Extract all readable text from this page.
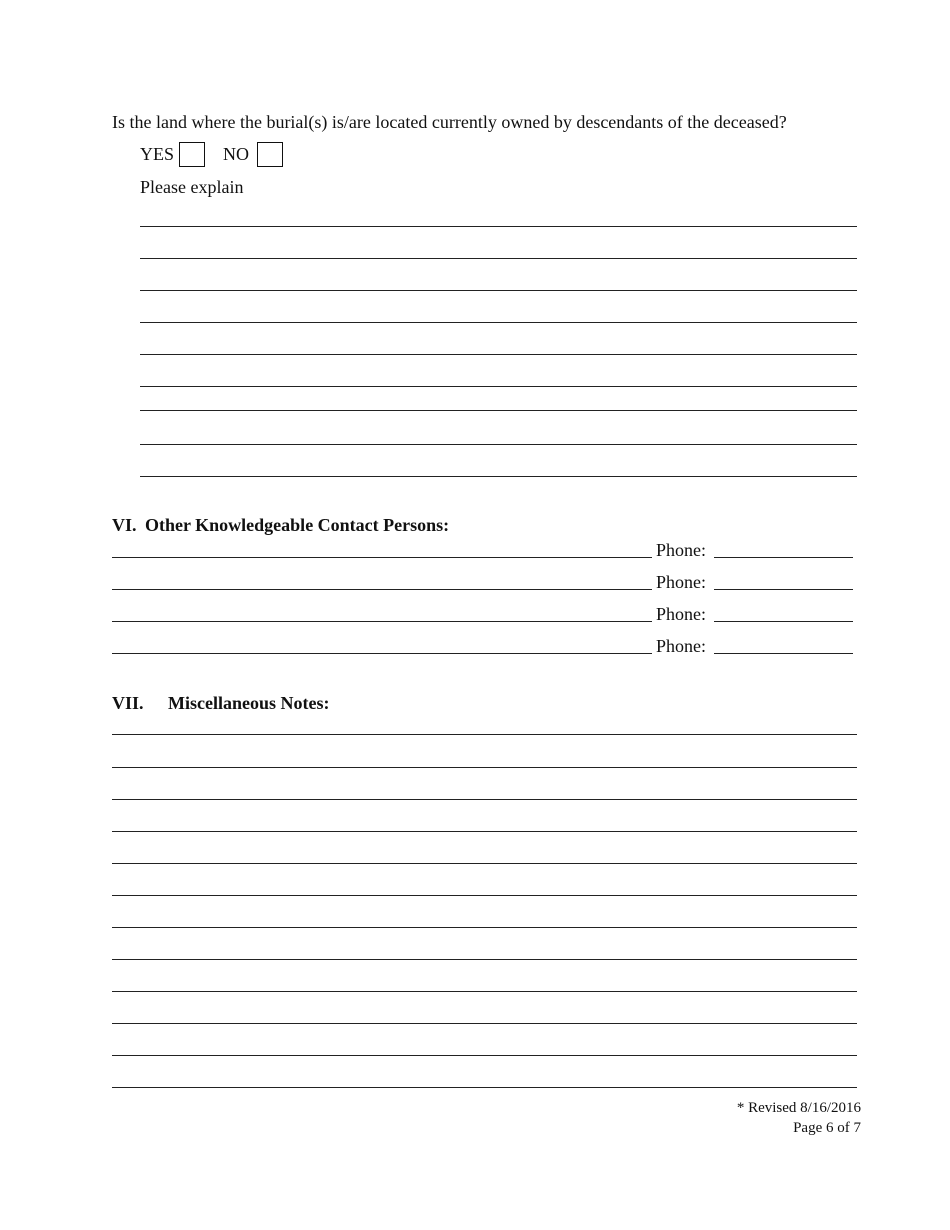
Is the land where the burial(s) is/are located currently owned by descendants of the deceased?
YES	NO
Please explain
VI. Other Knowledgeable Contact Persons:
Phone:
Phone:
Phone:
Phone:
VII. Miscellaneous Notes:
* Revised 8/16/2016
Page 6 of 7
